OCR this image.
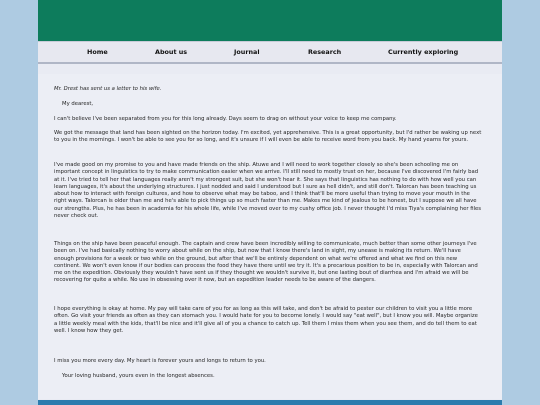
Home	About us	Journal	Research	Currently exploring

Mr. Drest has sent us a letter to his wife.

My dearest,

I can't believe I've been separated from you for this long already. Days seem to drag on without your voice to keep me company.

We got the message that land has been sighted on the horizon today. I'm excited, yet apprehensive. This is a great opportunity, but I'd rather be waking up next to you in the mornings. I won't be able to see you for so long, and it's unsure if I will even be able to receive word from you back. My hand yearns for yours.

I've made good on my promise to you and have made friends on the ship. Atuwe and I will need to work together closely so she's been schooling me on important concept in linguistics to try to make communication easier when we arrive. I'll still need to mostly trust on her, because I've discovered I'm fairly bad at it. I've tried to tell her that languages really aren't my strongest suit, but she won't hear it. She says that linguistics has nothing to do with how well you can learn languages, it's about the underlying structures. I just nodded and said I understood but I sure as hell didn't, and still don't. Talorcan has been teaching us about how to interact with foreign cultures, and how to observe what may be taboo, and I think that'll be more useful than trying to move your mouth in the right ways. Talorcan is older than me and he's able to pick things up so much faster than me. Makes me kind of jealous to be honest, but I suppose we all have our strengths. Plus, he has been in academia for his whole life, while I've moved over to my cushy office job. I never thought I'd miss Tiya's complaining her files never check out.

Things on the ship have been peaceful enough. The captain and crew have been incredibly willing to communicate, much better than some other journeys I've been on. I've had basically nothing to worry about while on the ship, but now that I know there's land in sight, my unease is making its return. We'll have enough provisions for a week or two while on the ground, but after that we'll be entirely dependent on what we're offered and what we find on this new continent. We won't even know if our bodies can process the food they have there until we try it. It's a precarious position to be in, especially with Talorcan and me on the expedition. Obviously they wouldn't have sent us if they thought we wouldn't survive it, but one lasting bout of diarrhea and I'm afraid we will be recovering for quite a while. No use in obsessing over it now, but an expedition leader needs to be aware of the dangers.

I hope everything is okay at home. My pay will take care of you for as long as this will take, and don't be afraid to pester our children to visit you a little more often. Go visit your friends as often as they can stomach you. I would hate for you to become lonely. I would say "eat well", but I know you will. Maybe organize a little weekly meal with the kids, that'll be nice and it'll give all of you a chance to catch up. Tell them I miss them when you see them, and do tell them to eat well. I know how they get.

I miss you more every day. My heart is forever yours and longs to return to you.

Your loving husband, yours even in the longest absences.
